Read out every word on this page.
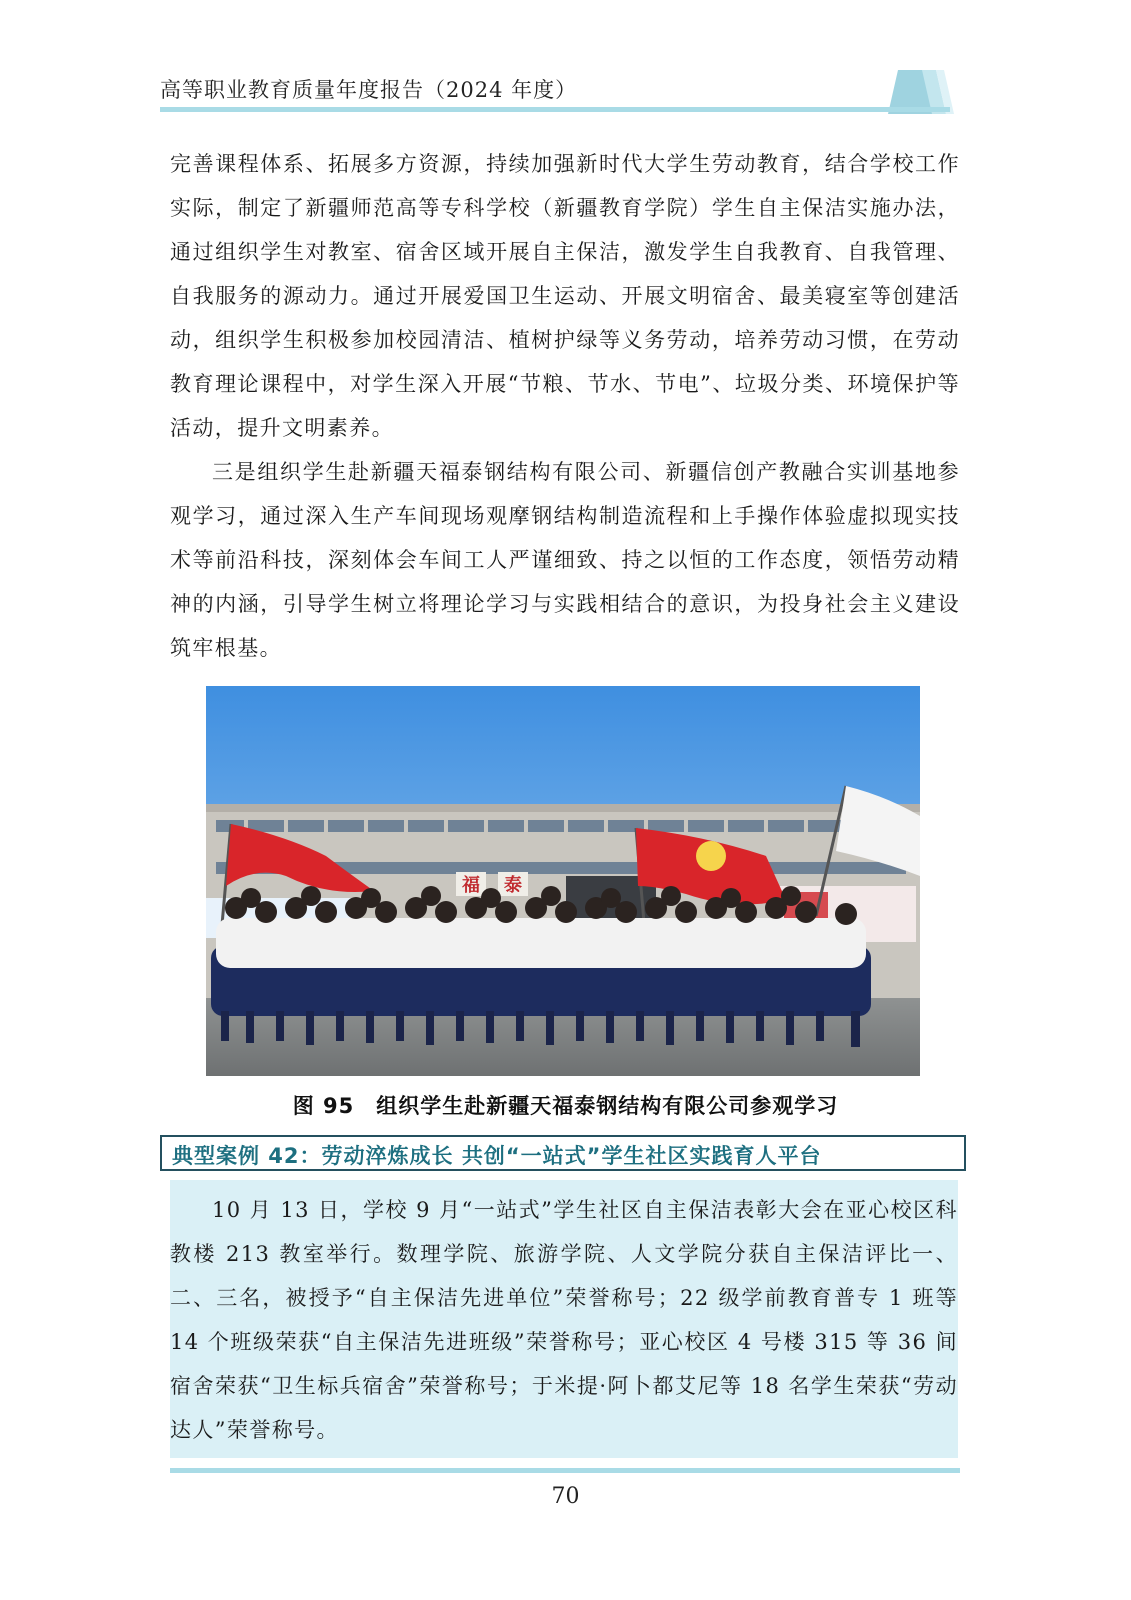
高等职业教育质量年度报告（2024 年度）

完善课程体系、拓展多方资源，持续加强新时代大学生劳动教育，结合学校工作实际，制定了新疆师范高等专科学校（新疆教育学院）学生自主保洁实施办法，通过组织学生对教室、宿舍区域开展自主保洁，激发学生自我教育、自我管理、自我服务的源动力。通过开展爱国卫生运动、开展文明宿舍、最美寝室等创建活动，组织学生积极参加校园清洁、植树护绿等义务劳动，培养劳动习惯，在劳动教育理论课程中，对学生深入开展“节粮、节水、节电”、垃圾分类、环境保护等活动，提升文明素养。

三是组织学生赴新疆天福泰钢结构有限公司、新疆信创产教融合实训基地参观学习，通过深入生产车间现场观摩钢结构制造流程和上手操作体验虚拟现实技术等前沿科技，深刻体会车间工人严谨细致、持之以恒的工作态度，领悟劳动精神的内涵，引导学生树立将理论学习与实践相结合的意识，为投身社会主义建设筑牢根基。

福 泰
图 95　组织学生赴新疆天福泰钢结构有限公司参观学习
典型案例 42：劳动淬炼成长 共创“一站式”学生社区实践育人平台

10 月 13 日，学校 9 月“一站式”学生社区自主保洁表彰大会在亚心校区科教楼 213 教室举行。数理学院、旅游学院、人文学院分获自主保洁评比一、二、三名，被授予“自主保洁先进单位”荣誉称号；22 级学前教育普专 1 班等 14 个班级荣获“自主保洁先进班级”荣誉称号；亚心校区 4 号楼 315 等 36 间宿舍荣获“卫生标兵宿舍”荣誉称号；于米提·阿卜都艾尼等 18 名学生荣获“劳动达人”荣誉称号。

70
